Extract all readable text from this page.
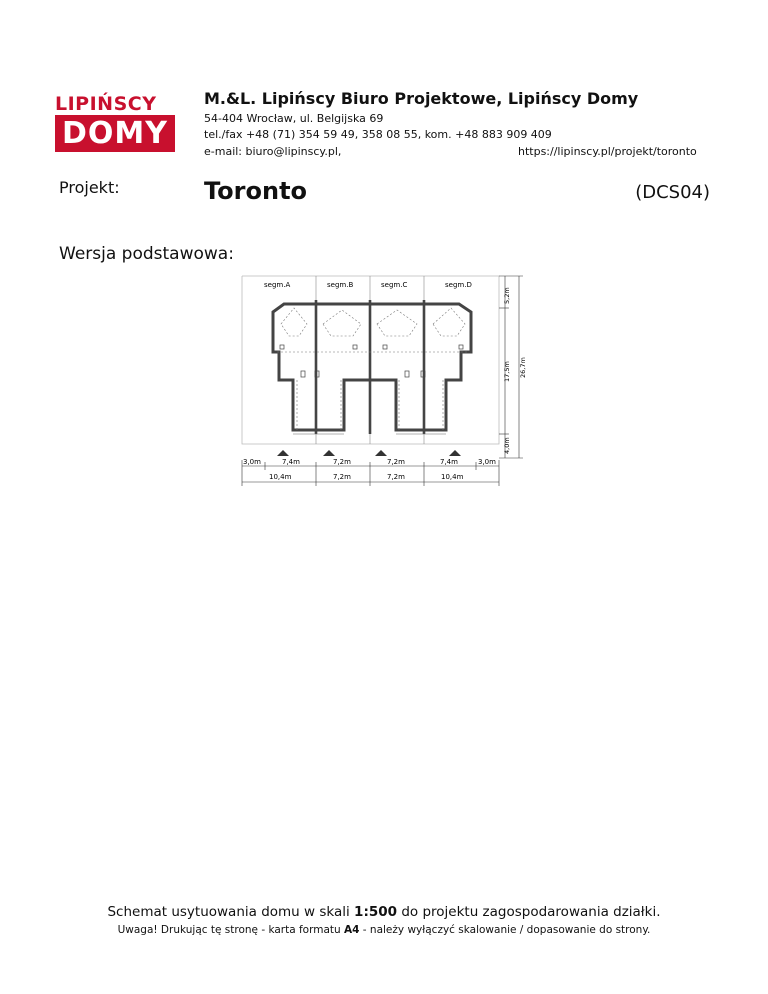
LIPIŃSCY
DOMY
M.&L. Lipińscy Biuro Projektowe, Lipińscy Domy
54-404 Wrocław, ul. Belgijska 69
tel./fax +48 (71) 354 59 49, 358 08 55, kom. +48 883 909 409
e-mail: biuro@lipinscy.pl,	https://lipinscy.pl/projekt/toronto
Projekt:	Toronto	(DCS04)
Wersja podstawowa:
segm.A	segm.B	segm.C	segm.D
5,2m
17,5m
4,0m
26,7m
3,0m	7,4m	7,2m	7,2m	7,4m	3,0m
10,4m	7,2m	7,2m	10,4m
Schemat usytuowania domu w skali 1:500 do projektu zagospodarowania działki.
Uwaga! Drukując tę stronę - karta formatu A4 - należy wyłączyć skalowanie / dopasowanie do strony.
